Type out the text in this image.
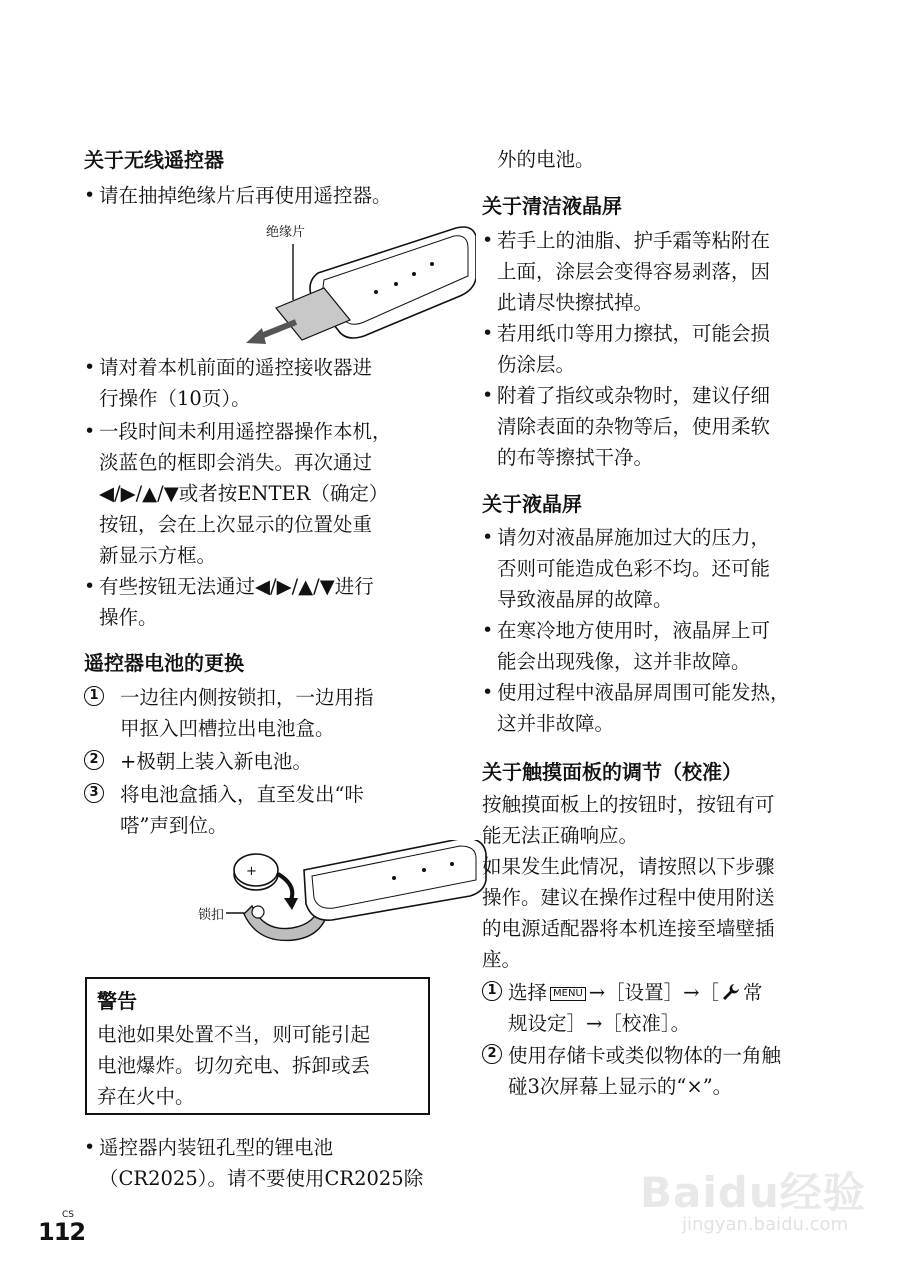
关于无线遥控器
• 请在抽掉绝缘片后再使用遥控器。
绝缘片
• 请对着本机前面的遥控接收器进
行操作（10页）。
• 一段时间未利用遥控器操作本机，
淡蓝色的框即会消失。再次通过
◀/▶/▲/▼或者按ENTER（确定）
按钮，会在上次显示的位置处重
新显示方框。
• 有些按钮无法通过◀/▶/▲/▼进行
操作。
遥控器电池的更换
1 一边往内侧按锁扣，一边用指
甲抠入凹槽拉出电池盒。
2 +极朝上装入新电池。
3 将电池盒插入，直至发出“咔
嗒”声到位。
锁扣
+
警告
电池如果处置不当，则可能引起
电池爆炸。切勿充电、拆卸或丢
弃在火中。
• 遥控器内装钮孔型的锂电池
（CR2025）。请不要使用CR2025除
外的电池。
关于清洁液晶屏
• 若手上的油脂、护手霜等粘附在
上面，涂层会变得容易剥落，因
此请尽快擦拭掉。
• 若用纸巾等用力擦拭，可能会损
伤涂层。
• 附着了指纹或杂物时，建议仔细
清除表面的杂物等后，使用柔软
的布等擦拭干净。
关于液晶屏
• 请勿对液晶屏施加过大的压力，
否则可能造成色彩不均。还可能
导致液晶屏的故障。
• 在寒冷地方使用时，液晶屏上可
能会出现残像，这并非故障。
• 使用过程中液晶屏周围可能发热，
这并非故障。
关于触摸面板的调节（校准）
按触摸面板上的按钮时，按钮有可
能无法正确响应。
如果发生此情况，请按照以下步骤
操作。建议在操作过程中使用附送
的电源适配器将本机连接至墙壁插
座。
1 选择 MENU →［设置］→［ 常
规设定］→［校准］。
2 使用存储卡或类似物体的一角触
碰3次屏幕上显示的“×”。
CS
112
Baidu经验
jingyan.baidu.com
